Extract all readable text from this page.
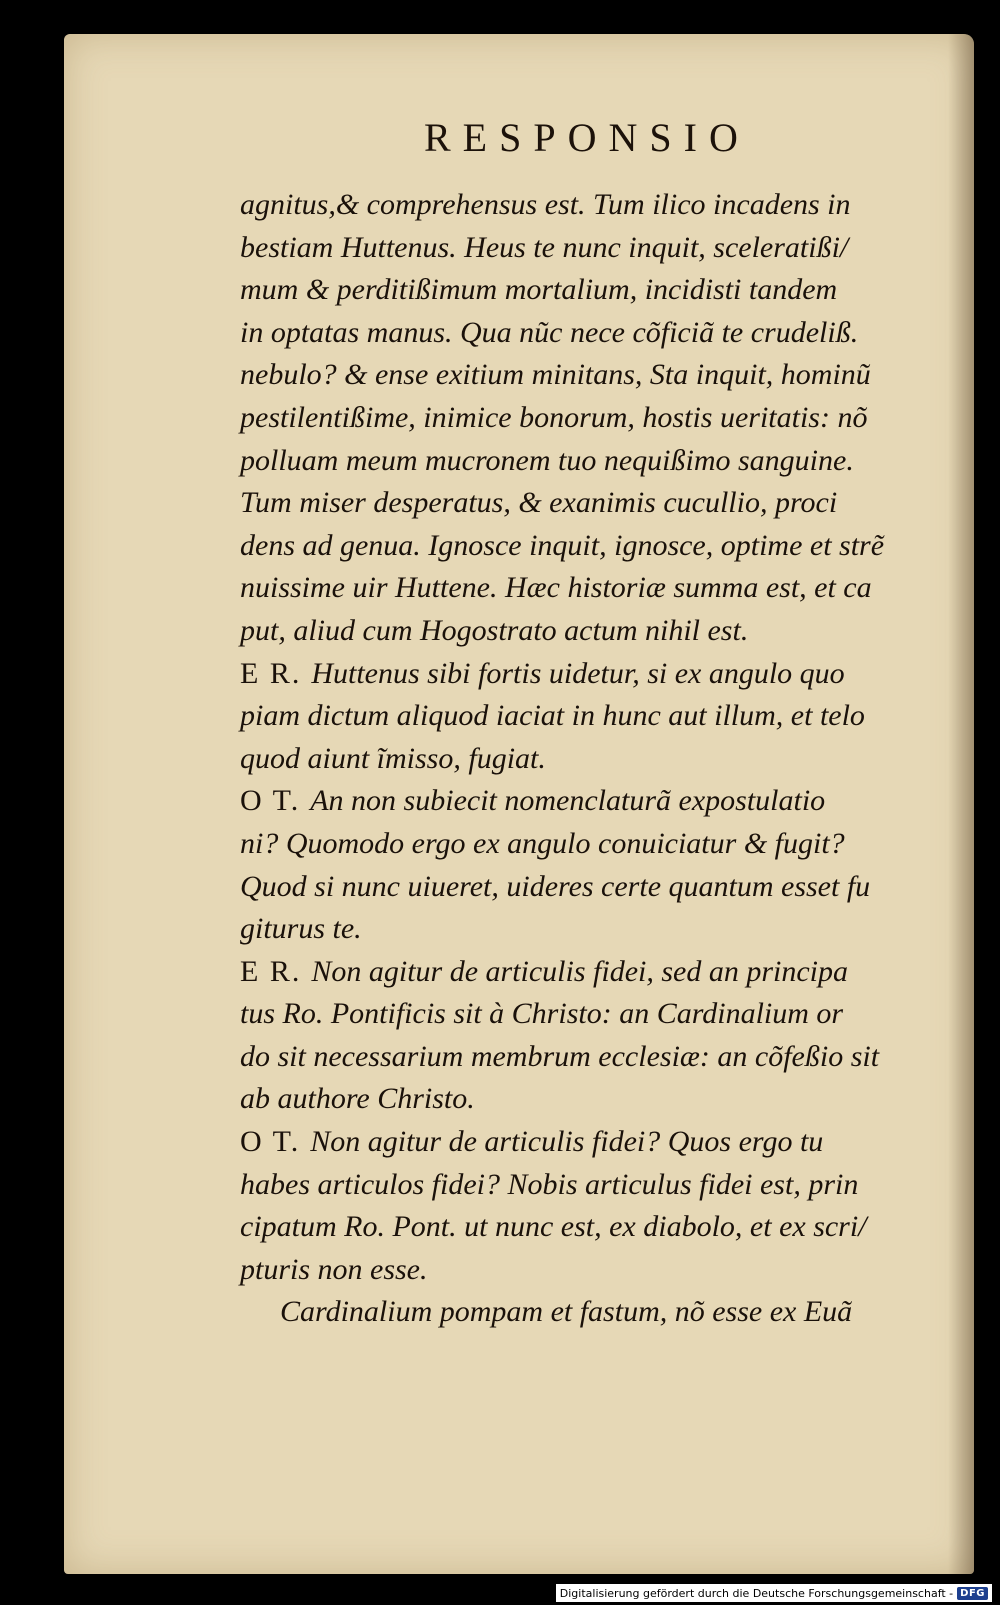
RESPONSIO
agnitus,& comprehensus est. Tum ilico incadens in
bestiam Huttenus. Heus te nunc inquit, sceleratißi/
mum & perditißimum mortalium, incidisti tandem
in optatas manus. Qua nũc nece cõficiã te crudeliß.
nebulo? & ense exitium minitans, Sta inquit, hominũ
pestilentißime, inimice bonorum, hostis ueritatis: nõ
polluam meum mucronem tuo nequißimo sanguine.
Tum miser desperatus, & exanimis cucullio, proci
dens ad genua. Ignosce inquit, ignosce, optime et strẽ
nuissime uir Huttene. Hæc historiæ summa est, et ca
put, aliud cum Hogostrato actum nihil est.
E R. Huttenus sibi fortis uidetur, si ex angulo quo
piam dictum aliquod iaciat in hunc aut illum, et telo
quod aiunt ĩmisso, fugiat.
O T. An non subiecit nomenclaturã expostulatio
ni? Quomodo ergo ex angulo conuiciatur & fugit?
Quod si nunc uiueret, uideres certe quantum esset fu
giturus te.
E R. Non agitur de articulis fidei, sed an principa
tus Ro. Pontificis sit à Christo: an Cardinalium or
do sit necessarium membrum ecclesiæ: an cõfeßio sit
ab authore Christo.
O T. Non agitur de articulis fidei? Quos ergo tu
habes articulos fidei? Nobis articulus fidei est, prin
cipatum Ro. Pont. ut nunc est, ex diabolo, et ex scri/
pturis non esse.
Cardinalium pompam et fastum, nõ esse ex Euã
Digitalisierung gefördert durch die Deutsche Forschungsgemeinschaft - DFG
